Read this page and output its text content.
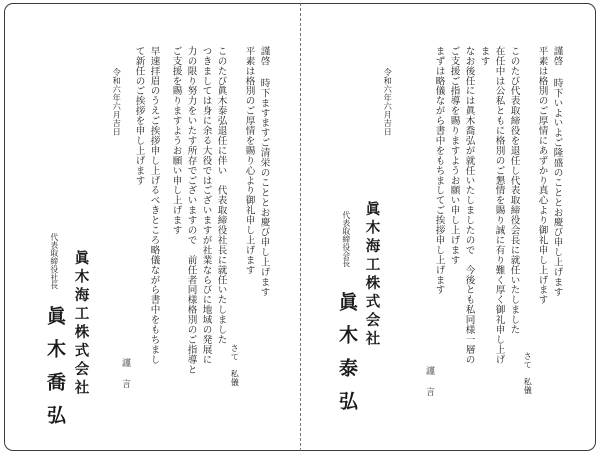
謹啓
時下いよいよご隆盛のこととお慶び申し上げます
平素は格別のご厚情にあずかり真心より御礼申し上げます
さて　私儀
このたび代表取締役を退任し代表取締役会長に就任いたしました
在任中は公私ともに格別のご懇情を賜り誠に有り難く厚く御礼申し上げ
ます
なお後任には眞木喬弘が就任いたしましたので　今後とも私同様一層の
ご支援ご指導を賜りますようお願い申し上げます
まずは略儀ながら書中をもちましてご挨拶申し上げます
謹言
令和六年六月吉日
代表取締役会長 眞木海工株式会社
眞木泰弘
謹啓
時下ますますご清栄のこととお慶び申し上げます
平素は格別のご厚情を賜り心より御礼申し上げます
さて　私儀
このたび眞木泰弘退任に伴い　代表取締役社長に就任いたしました
つきましては身に余る大役ではございますが社業ならびに地域の発展に
力の限り努力をいたす所存でございますので　前任者同様格別のご指導と
ご支援を賜りますようお願い申し上げます
早速拝眉のうえご挨拶申し上げるべきところ略儀ながら書中をもちまし
て新任のご挨拶を申し上げます
謹言
令和六年六月吉日
代表取締役社長 眞木海工株式会社
眞木喬弘
